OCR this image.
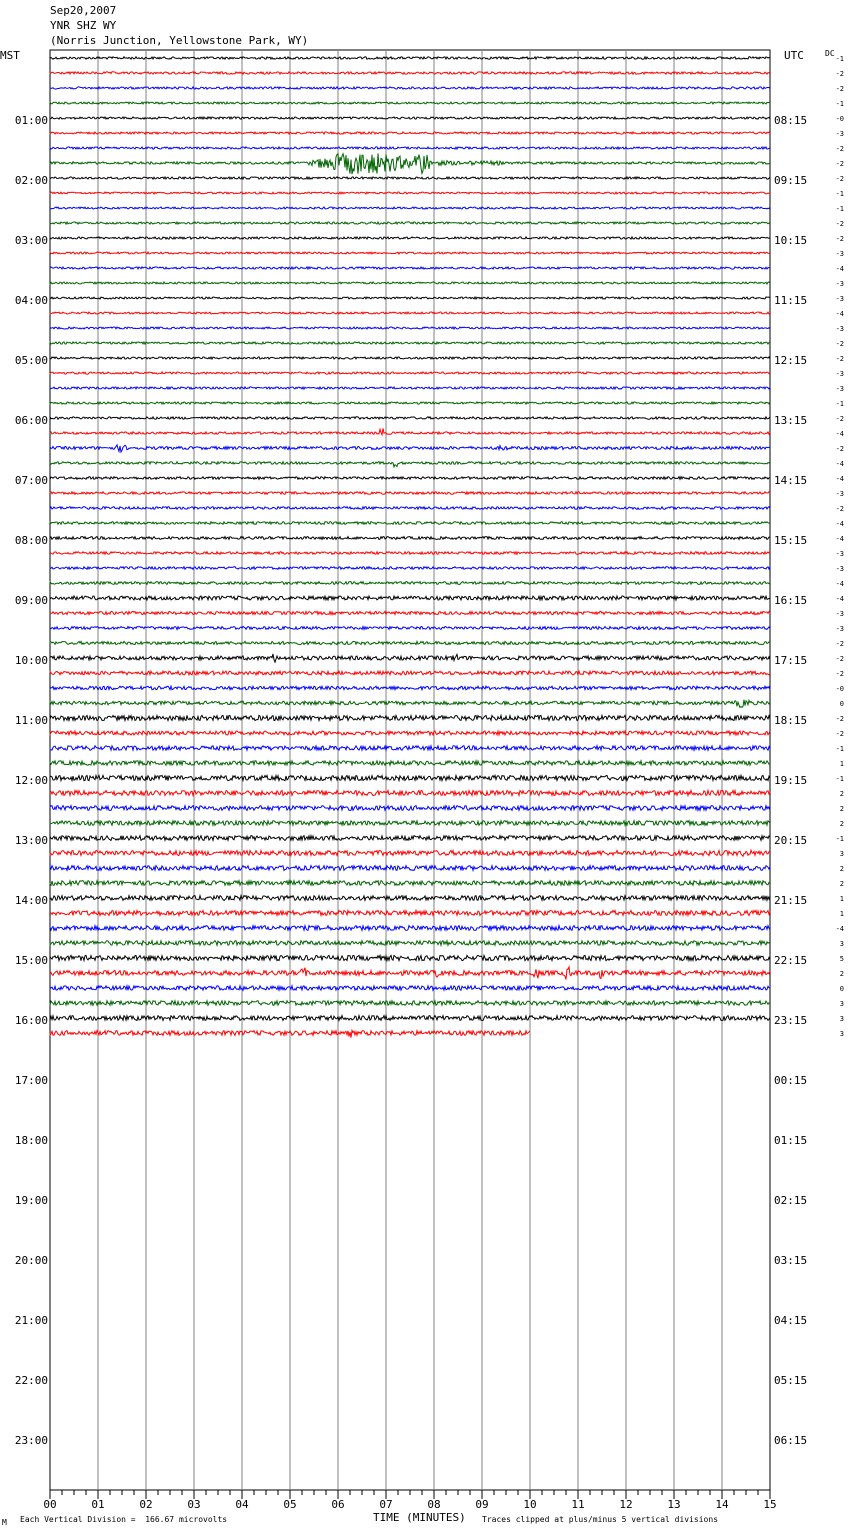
Sep20,2007
YNR SHZ WY
(Norris Junction, Yellowstone Park, WY)
MST	UTC	DC
00	01	02	03	04	05	06	07	08	09	10	11	12	13	14	15
01:00
02:00
03:00
04:00
05:00
06:00
07:00
08:00
09:00
10:00
11:00
12:00
13:00
14:00
15:00
16:00
17:00
18:00
19:00
20:00
21:00
22:00
23:00
08:15
09:15
10:15
11:15
12:15
13:15
14:15
15:15
16:15
17:15
18:15
19:15
20:15
21:15
22:15
23:15
00:15
01:15
02:15
03:15
04:15
05:15
06:15
-1
-2
-2
-1
-0
-3
-2
-2
-2
-1
-1
-2
-2
-3
-4
-3
-3
-4
-3
-2
-2
-3
-3
-1
-2
-4
-2
-4
-4
-3
-2
-4
-4
-3
-3
-4
-4
-3
-3
-2
-2
-2
-0
0
-2
-2
-1
1
-1
2
2
2
-1
3
2
2
1
1
-4
3
5
2
0
3
3
3
M Each Vertical Division =  166.67 microvolts	TIME (MINUTES) Traces clipped at plus/minus 5 vertical divisions
